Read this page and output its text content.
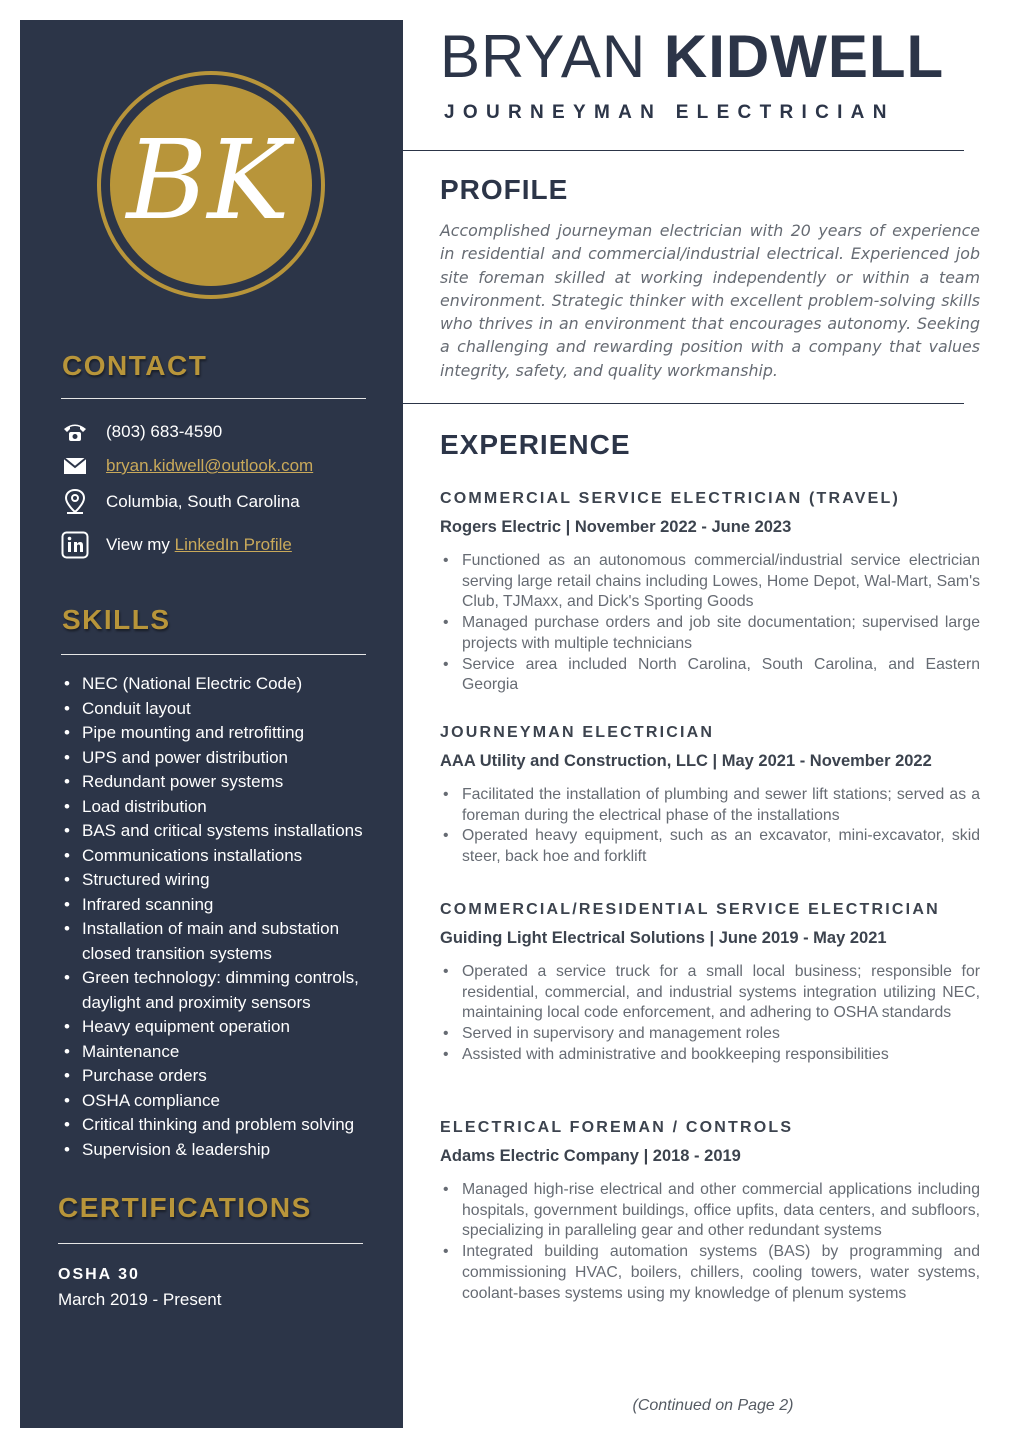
BK
CONTACT
(803) 683-4590
bryan.kidwell@outlook.com
Columbia, South Carolina
View my
LinkedIn Profile
SKILLS
• NEC (National Electric Code)
• Conduit layout
• Pipe mounting and retrofitting
• UPS and power distribution
• Redundant power systems
• Load distribution
• BAS and critical systems installations
• Communications installations
• Structured wiring
• Infrared scanning
• Installation of main and substation closed transition systems
• Green technology: dimming controls, daylight and proximity sensors
• Heavy equipment operation
• Maintenance
• Purchase orders
• OSHA compliance
• Critical thinking and problem solving
• Supervision & leadership
CERTIFICATIONS
OSHA 30
March 2019 - Present
BRYAN KIDWELL
JOURNEYMAN ELECTRICIAN
PROFILE

Accomplished journeyman electrician with 20 years of experience in residential and commercial/industrial electrical. Experienced job site foreman skilled at working independently or within a team environment. Strategic thinker with excellent problem-solving skills who thrives in an environment that encourages autonomy. Seeking a challenging and rewarding position with a company that values integrity, safety, and quality workmanship.

EXPERIENCE
COMMERCIAL SERVICE ELECTRICIAN (TRAVEL)
Rogers Electric | November 2022 - June 2023
• Functioned as an autonomous commercial/industrial service electrician serving large retail chains including Lowes, Home Depot, Wal-Mart, Sam's Club, TJMaxx, and Dick's Sporting Goods
• Managed purchase orders and job site documentation; supervised large projects with multiple technicians
• Service area included North Carolina, South Carolina, and Eastern Georgia
JOURNEYMAN ELECTRICIAN
AAA Utility and Construction, LLC | May 2021 - November 2022
• Facilitated the installation of plumbing and sewer lift stations; served as a foreman during the electrical phase of the installations
• Operated heavy equipment, such as an excavator, mini-excavator, skid steer, back hoe and forklift
COMMERCIAL/RESIDENTIAL SERVICE ELECTRICIAN
Guiding Light Electrical Solutions | June 2019 - May 2021
• Operated a service truck for a small local business; responsible for residential, commercial, and industrial systems integration utilizing NEC, maintaining local code enforcement, and adhering to OSHA standards
• Served in supervisory and management roles
• Assisted with administrative and bookkeeping responsibilities
ELECTRICAL FOREMAN / CONTROLS
Adams Electric Company | 2018 - 2019
• Managed high-rise electrical and other commercial applications including hospitals, government buildings, office upfits, data centers, and subfloors, specializing in paralleling gear and other redundant systems
• Integrated building automation systems (BAS) by programming and commissioning HVAC, boilers, chillers, cooling towers, water systems, coolant-bases systems using my knowledge of plenum systems
(Continued on Page 2)
